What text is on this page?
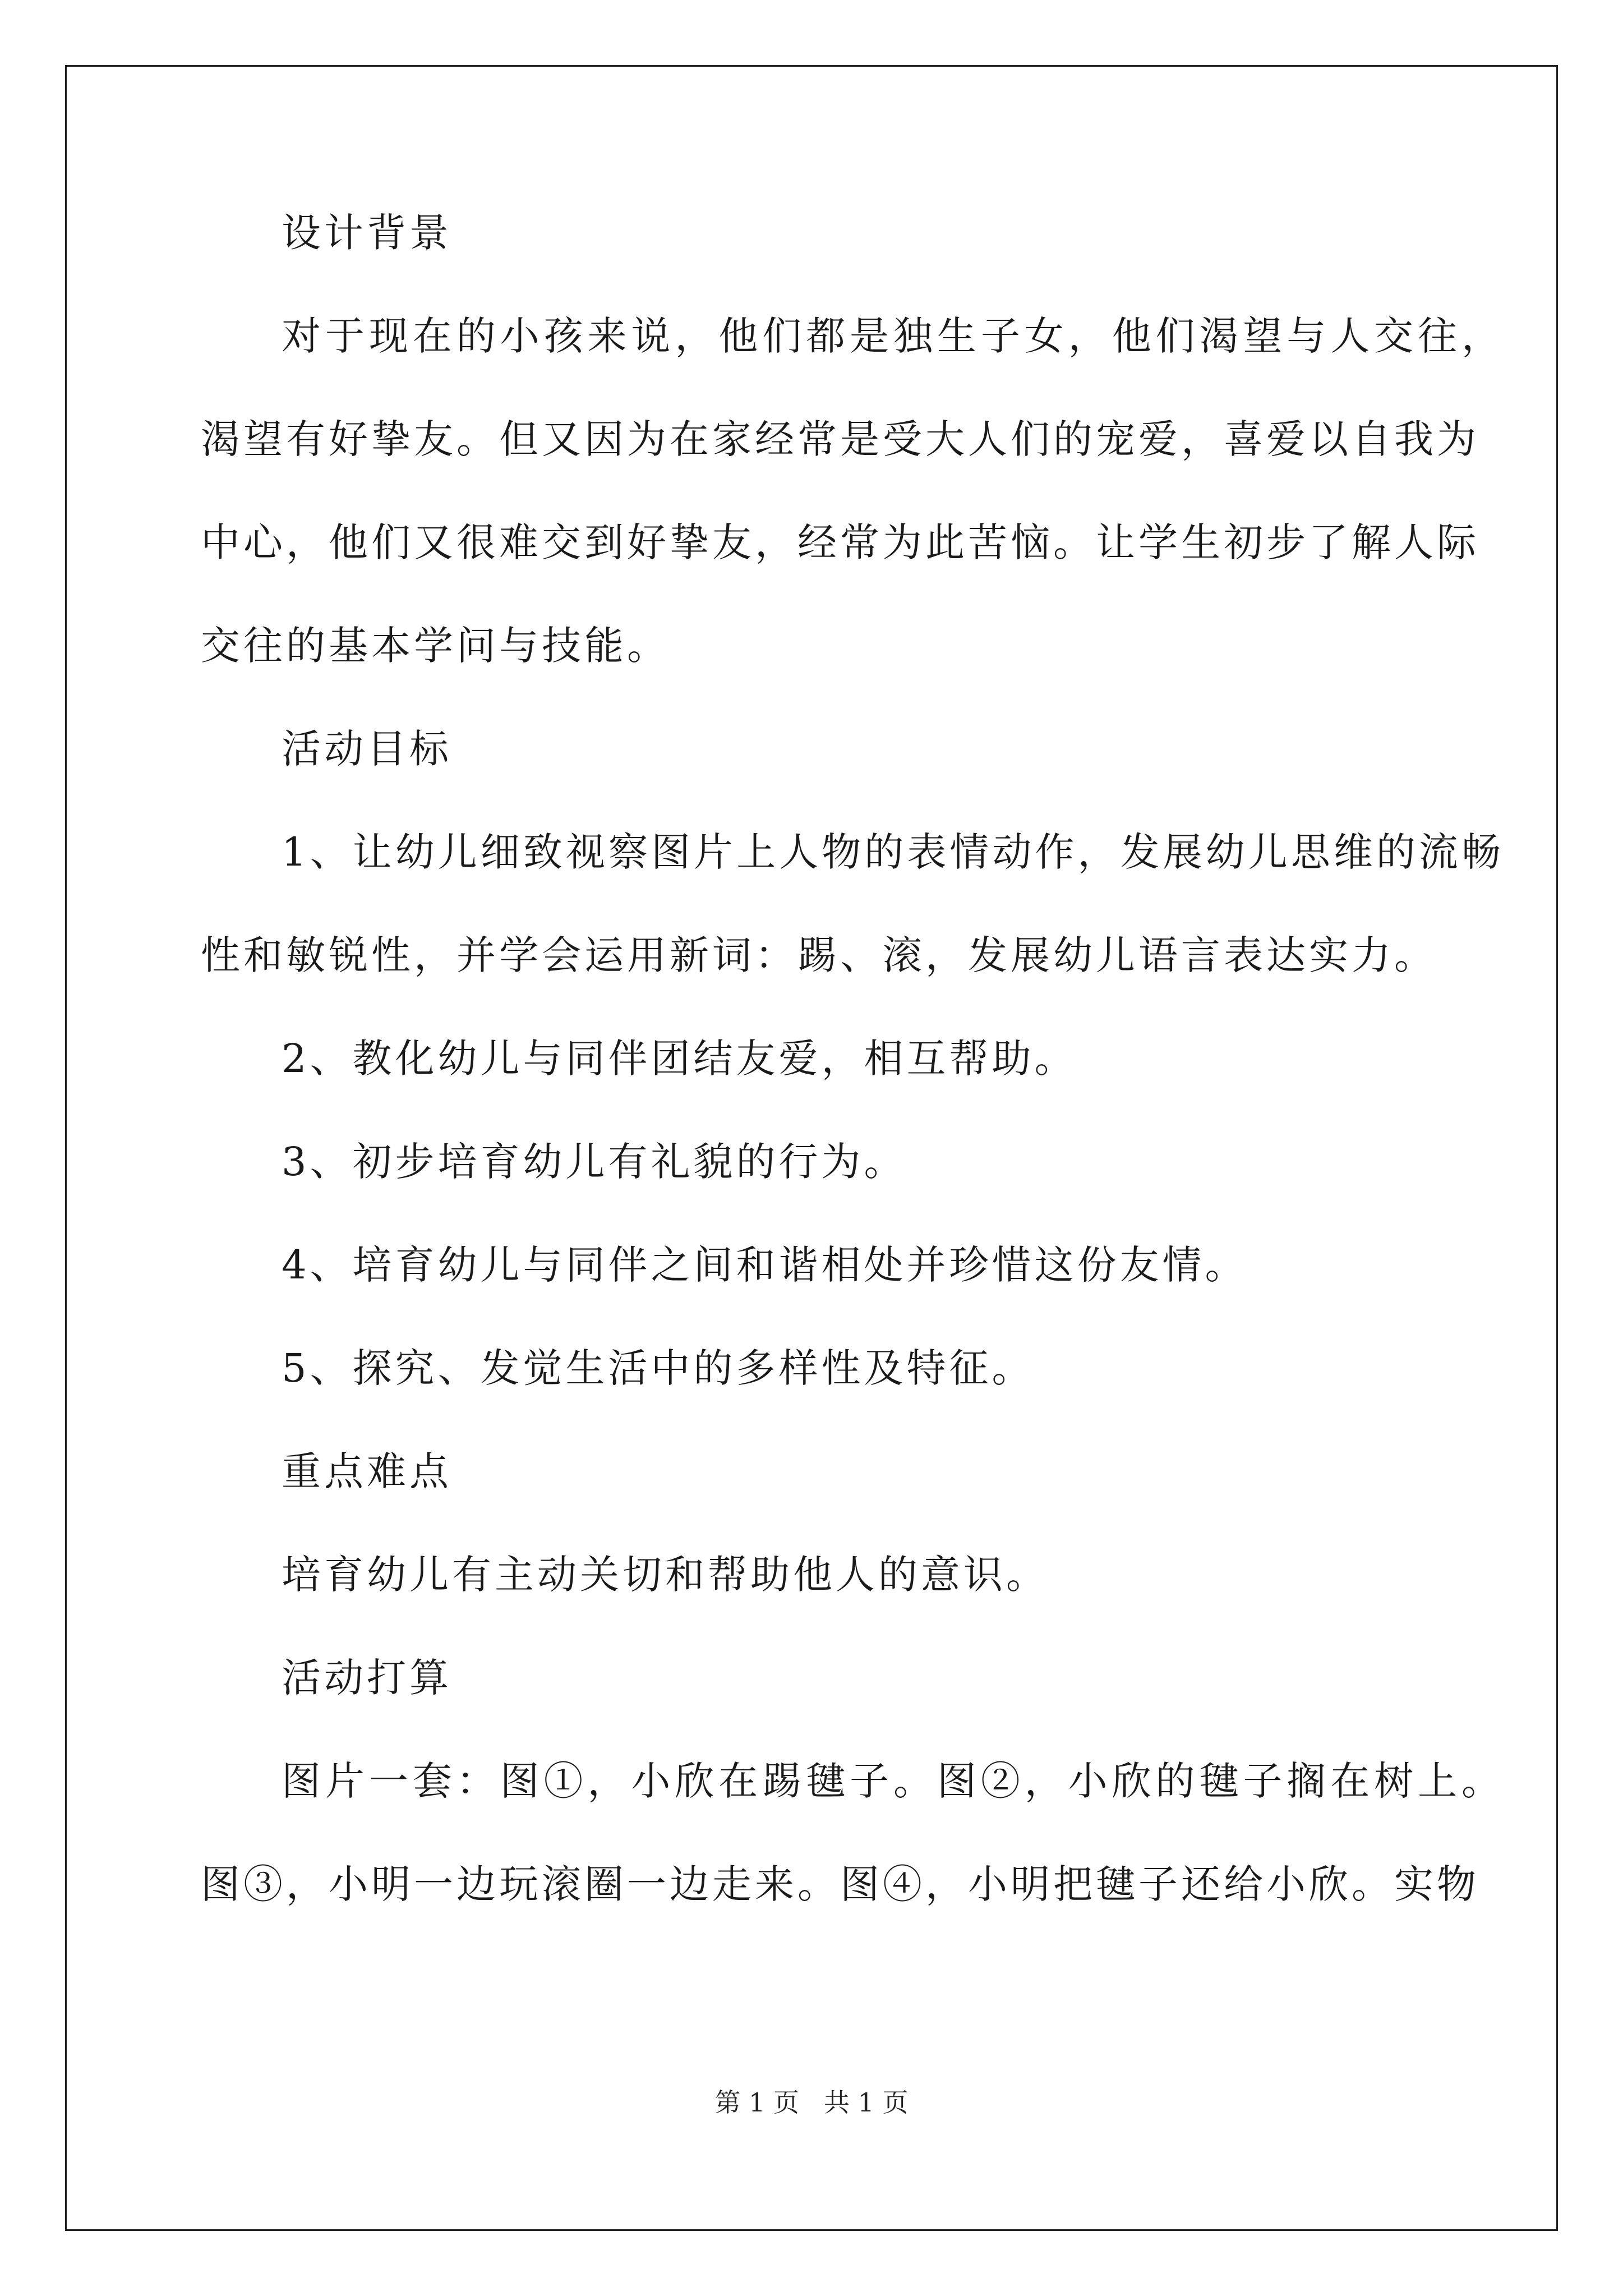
设计背景
对于现在的小孩来说，他们都是独生子女，他们渴望与人交往，
渴望有好挚友。但又因为在家经常是受大人们的宠爱，喜爱以自我为
中心，他们又很难交到好挚友，经常为此苦恼。让学生初步了解人际
交往的基本学问与技能。
活动目标
1、让幼儿细致视察图片上人物的表情动作，发展幼儿思维的流畅
性和敏锐性，并学会运用新词：踢、滚，发展幼儿语言表达实力。
2、教化幼儿与同伴团结友爱，相互帮助。
3、初步培育幼儿有礼貌的行为。
4、培育幼儿与同伴之间和谐相处并珍惜这份友情。
5、探究、发觉生活中的多样性及特征。
重点难点
培育幼儿有主动关切和帮助他人的意识。
活动打算
图片一套：图①，小欣在踢毽子。图②，小欣的毽子搁在树上。
图③，小明一边玩滚圈一边走来。图④，小明把毽子还给小欣。实物
第 1 页 共 1 页
